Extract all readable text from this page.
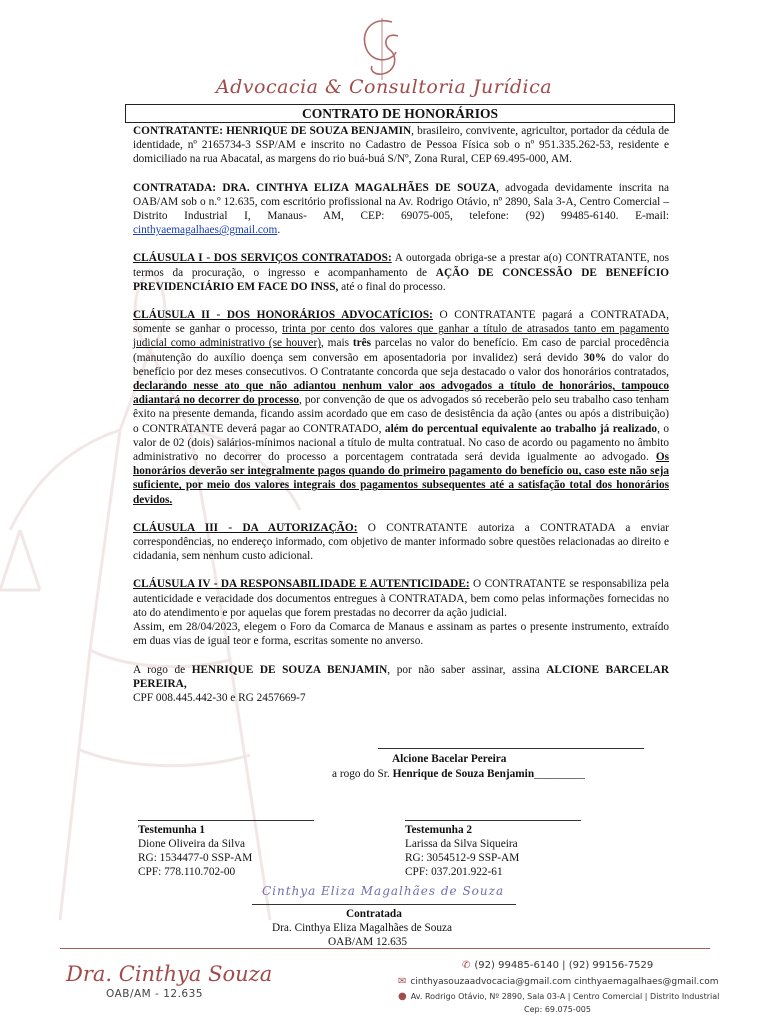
Advocacia & Consultoria Jurídica
CONTRATO DE HONORÁRIOS

CONTRATANTE: HENRIQUE DE SOUZA BENJAMIN, brasileiro, convivente, agricultor, portador da cédula de identidade, nº 2165734-3 SSP/AM e inscrito no Cadastro de Pessoa Física sob o nº 951.335.262-53, residente e domiciliado na rua Abacatal, as margens do rio buá-buá S/Nº, Zona Rural, CEP 69.495-000, AM.

CONTRATADA: DRA. CINTHYA ELIZA MAGALHÃES DE SOUZA, advogada devidamente inscrita na OAB/AM sob o n.º 12.635, com escritório profissional na Av. Rodrigo Otávio, nº 2890, Sala 3-A, Centro Comercial – Distrito Industrial I, Manaus- AM, CEP: 69075-005, telefone: (92) 99485-6140. E-mail: cinthyaemagalhaes@gmail.com.

CLÁUSULA I - DOS SERVIÇOS CONTRATADOS: A outorgada obriga-se a prestar a(o) CONTRATANTE, nos termos da procuração, o ingresso e acompanhamento de AÇÃO DE CONCESSÃO DE BENEFÍCIO PREVIDENCIÁRIO EM FACE DO INSS, até o final do processo.

CLÁUSULA II - DOS HONORÁRIOS ADVOCATÍCIOS: O CONTRATANTE pagará a CONTRATADA, somente se ganhar o processo, trinta por cento dos valores que ganhar a título de atrasados tanto em pagamento judicial como administrativo (se houver), mais três parcelas no valor do benefício. Em caso de parcial procedência (manutenção do auxílio doença sem conversão em aposentadoria por invalidez) será devido 30% do valor do benefício por dez meses consecutivos. O Contratante concorda que seja destacado o valor dos honorários contratados, declarando nesse ato que não adiantou nenhum valor aos advogados a título de honorários, tampouco adiantará no decorrer do processo, por convenção de que os advogados só receberão pelo seu trabalho caso tenham êxito na presente demanda, ficando assim acordado que em caso de desistência da ação (antes ou após a distribuição) o CONTRATANTE deverá pagar ao CONTRATADO, além do percentual equivalente ao trabalho já realizado, o valor de 02 (dois) salários-mínimos nacional a título de multa contratual. No caso de acordo ou pagamento no âmbito administrativo no decorrer do processo a porcentagem contratada será devida igualmente ao advogado. Os honorários deverão ser integralmente pagos quando do primeiro pagamento do benefício ou, caso este não seja suficiente, por meio dos valores integrais dos pagamentos subsequentes até a satisfação total dos honorários devidos.

CLÁUSULA III - DA AUTORIZAÇÃO: O CONTRATANTE autoriza a CONTRATADA a enviar correspondências, no endereço informado, com objetivo de manter informado sobre questões relacionadas ao direito e cidadania, sem nenhum custo adicional.

CLÁUSULA IV - DA RESPONSABILIDADE E AUTENTICIDADE: O CONTRATANTE se responsabiliza pela autenticidade e veracidade dos documentos entregues à CONTRATADA, bem como pelas informações fornecidas no ato do atendimento e por aquelas que forem prestadas no decorrer da ação judicial.

Assim, em 28/04/2023, elegem o Foro da Comarca de Manaus e assinam as partes o presente instrumento, extraído em duas vias de igual teor e forma, escritas somente no anverso.

A rogo de HENRIQUE DE SOUZA BENJAMIN, por não saber assinar, assina ALCIONE BARCELAR PEREIRA,

CPF 008.445.442-30 e RG 2457669-7

Alcione Bacelar Pereira
a rogo do Sr. Henrique de Souza Benjamin_________
Testemunha 1
Dione Oliveira da Silva
RG: 1534477-0 SSP-AM
CPF: 778.110.702-00
Testemunha 2
Larissa da Silva Siqueira
RG: 3054512-9 SSP-AM
CPF: 037.201.922-61
Cinthya Eliza Magalhães de Souza
Contratada
Dra. Cinthya Eliza Magalhães de Souza
OAB/AM 12.635
Dra. Cinthya Souza
OAB/AM - 12.635
✆ (92) 99485-6140 | (92) 99156-7529
✉ cinthyasouzaadvocacia@gmail.com cinthyaemagalhaes@gmail.com
● Av. Rodrigo Otávio, Nº 2890, Sala 03-A | Centro Comercial | Distrito Industrial
Cep: 69.075-005
